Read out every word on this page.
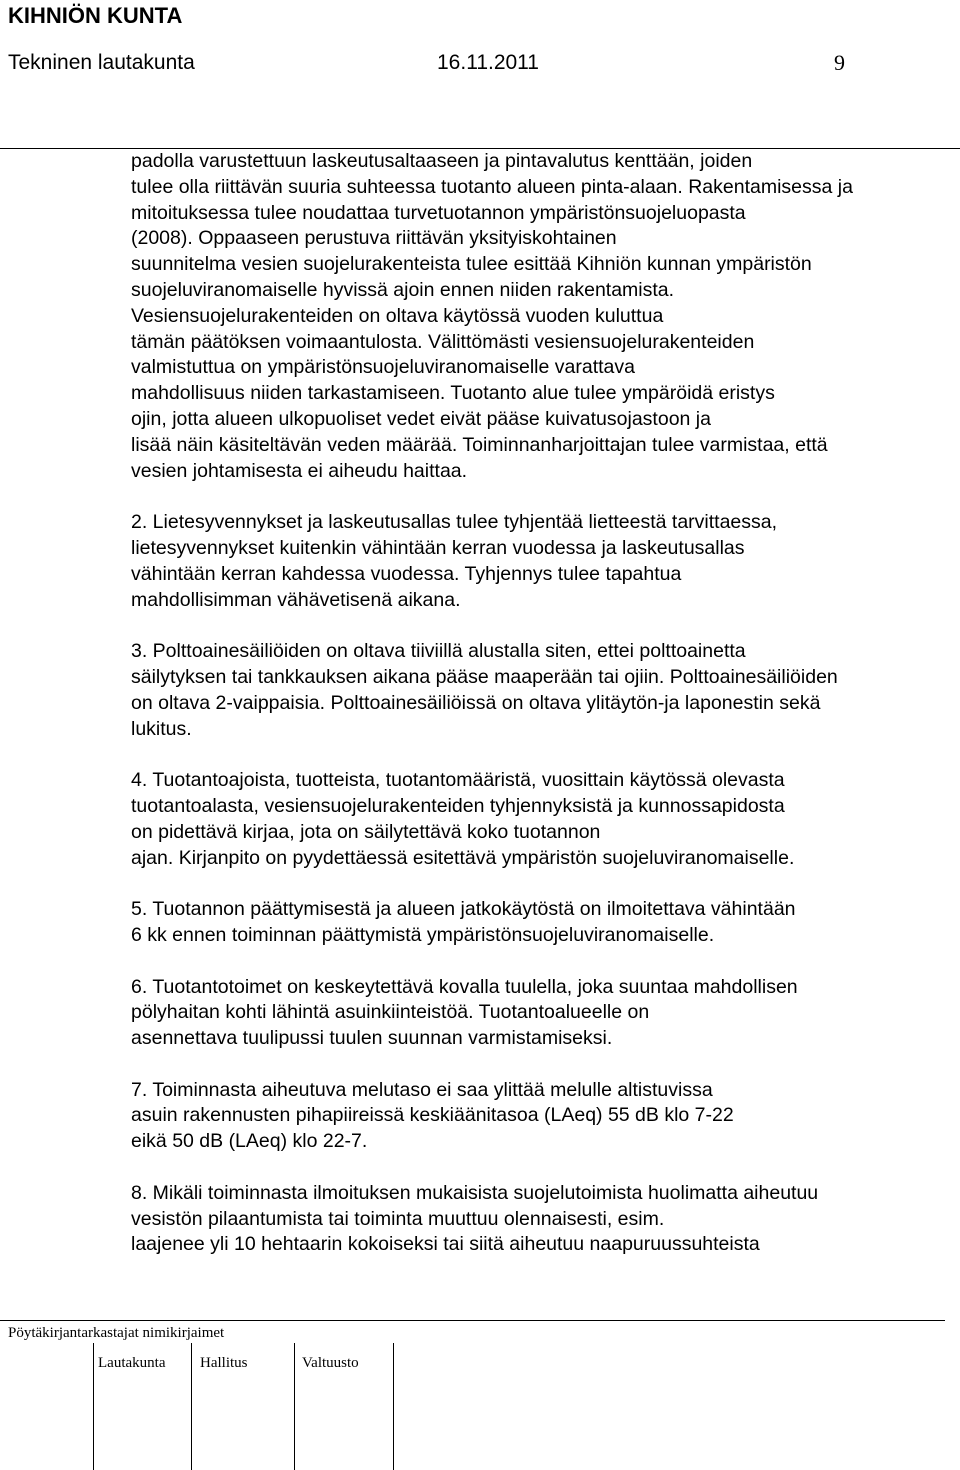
KIHNIÖN KUNTA
Tekninen lautakunta	16.11.2011	9

padolla varustettuun laskeutusaltaaseen ja pintavalutus kenttään, joiden
tulee olla riittävän suuria suhteessa tuotanto alueen pinta-alaan. Rakentamisessa ja
mitoituksessa tulee noudattaa turvetuotannon ympäristönsuojeluopasta
(2008). Oppaaseen perustuva riittävän yksityiskohtainen
suunnitelma vesien suojelurakenteista tulee esittää Kihniön kunnan ympäristön
suojeluviranomaiselle hyvissä ajoin ennen niiden rakentamista.
Vesiensuojelurakenteiden on oltava käytössä vuoden kuluttua
tämän päätöksen voimaantulosta. Välittömästi vesiensuojelurakenteiden
valmistuttua on ympäristönsuojeluviranomaiselle varattava
mahdollisuus niiden tarkastamiseen. Tuotanto alue tulee ympäröidä eristys
ojin, jotta alueen ulkopuoliset vedet eivät pääse kuivatusojastoon ja
lisää näin käsiteltävän veden määrää. Toiminnanharjoittajan tulee varmistaa, että
vesien johtamisesta ei aiheudu haittaa.

2. Lietesyvennykset ja laskeutusallas tulee tyhjentää lietteestä tarvittaessa,
lietesyvennykset kuitenkin vähintään kerran vuodessa ja laskeutusallas
vähintään kerran kahdessa vuodessa. Tyhjennys tulee tapahtua
mahdollisimman vähävetisenä aikana.

3. Polttoainesäiliöiden on oltava tiiviillä alustalla siten, ettei polttoainetta
säilytyksen tai tankkauksen aikana pääse maaperään tai ojiin. Polttoainesäiliöiden
on oltava 2-vaippaisia. Polttoainesäiliöissä on oltava ylitäytön-ja laponestin sekä
lukitus.

4. Tuotantoajoista, tuotteista, tuotantomääristä, vuosittain käytössä olevasta
tuotantoalasta, vesiensuojelurakenteiden tyhjennyksistä ja kunnossapidosta
on pidettävä kirjaa, jota on säilytettävä koko tuotannon
ajan. Kirjanpito on pyydettäessä esitettävä ympäristön suojeluviranomaiselle.

5. Tuotannon päättymisestä ja alueen jatkokäytöstä on ilmoitettava vähintään
6 kk ennen toiminnan päättymistä ympäristönsuojeluviranomaiselle.

6. Tuotantotoimet on keskeytettävä kovalla tuulella, joka suuntaa mahdollisen
pölyhaitan kohti lähintä asuinkiinteistöä. Tuotantoalueelle on
asennettava tuulipussi tuulen suunnan varmistamiseksi.

7. Toiminnasta aiheutuva melutaso ei saa ylittää melulle altistuvissa
asuin rakennusten pihapiireissä keskiäänitasoa (LAeq) 55 dB klo 7-22
eikä 50 dB (LAeq) klo 22-7.

8. Mikäli toiminnasta ilmoituksen mukaisista suojelutoimista huolimatta aiheutuu
vesistön pilaantumista tai toiminta muuttuu olennaisesti, esim.
laajenee yli 10 hehtaarin kokoiseksi tai siitä aiheutuu naapuruussuhteista

Pöytäkirjantarkastajat nimikirjaimet
Lautakunta Hallitus	Valtuusto
